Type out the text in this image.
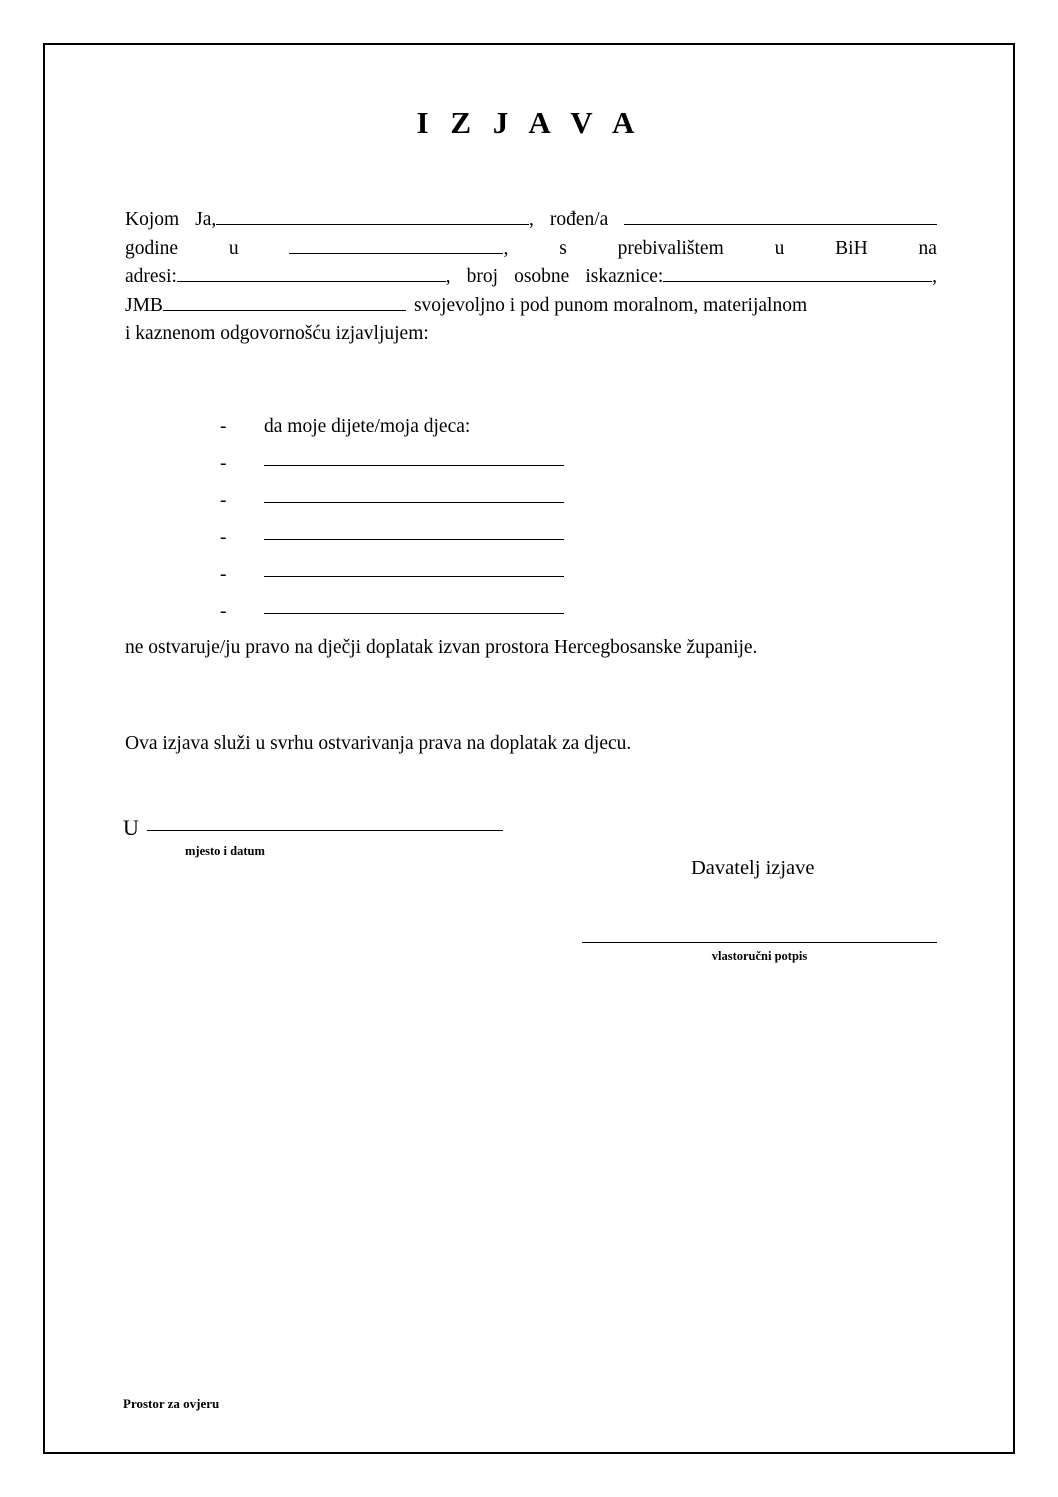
I Z J A V A
Kojom Ja,	, rođen/a
godine	u	,	s	prebivalištem	u	BiH	na
adresi:	, broj osobne iskaznice:	,
JMB	svojevoljno i pod punom moralnom, materijalnom
i kaznenom odgovornošću izjavljujem:
-	da moje dijete/moja djeca:
-
-
-
-
-
ne ostvaruje/ju pravo na dječji doplatak izvan prostora Hercegbosanske županije.
Ova izjava služi u svrhu ostvarivanja prava na doplatak za djecu.
U
mjesto i datum
Davatelj izjave
vlastoručni potpis
Prostor za ovjeru
